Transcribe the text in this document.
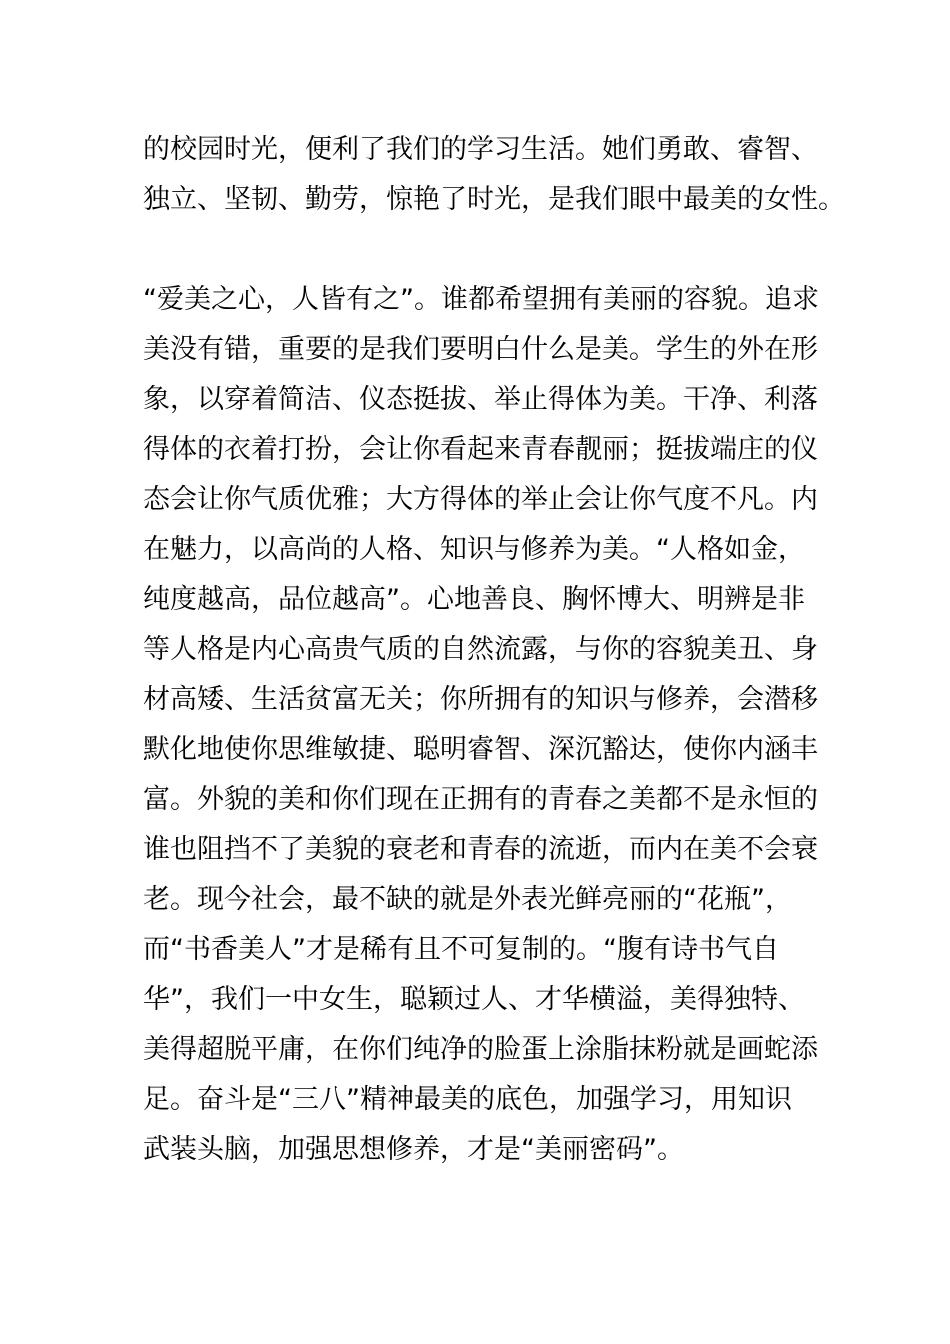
的校园时光，便利了我们的学习生活。她们勇敢、睿智、
独立、坚韧、勤劳，惊艳了时光，是我们眼中最美的女性。
“爱美之心，人皆有之”。谁都希望拥有美丽的容貌。追求
美没有错，重要的是我们要明白什么是美。学生的外在形
象，以穿着简洁、仪态挺拔、举止得体为美。干净、利落
得体的衣着打扮，会让你看起来青春靓丽；挺拔端庄的仪
态会让你气质优雅；大方得体的举止会让你气度不凡。内
在魅力，以高尚的人格、知识与修养为美。“人格如金，
纯度越高，品位越高”。心地善良、胸怀博大、明辨是非
等人格是内心高贵气质的自然流露，与你的容貌美丑、身
材高矮、生活贫富无关；你所拥有的知识与修养，会潜移
默化地使你思维敏捷、聪明睿智、深沉豁达，使你内涵丰
富。外貌的美和你们现在正拥有的青春之美都不是永恒的
谁也阻挡不了美貌的衰老和青春的流逝，而内在美不会衰
老。现今社会，最不缺的就是外表光鲜亮丽的“花瓶”，
而“书香美人”才是稀有且不可复制的。“腹有诗书气自
华”，我们一中女生，聪颖过人、才华横溢，美得独特、
美得超脱平庸，在你们纯净的脸蛋上涂脂抹粉就是画蛇添
足。奋斗是“三八”精神最美的底色，加强学习，用知识
武装头脑，加强思想修养，才是“美丽密码”。
